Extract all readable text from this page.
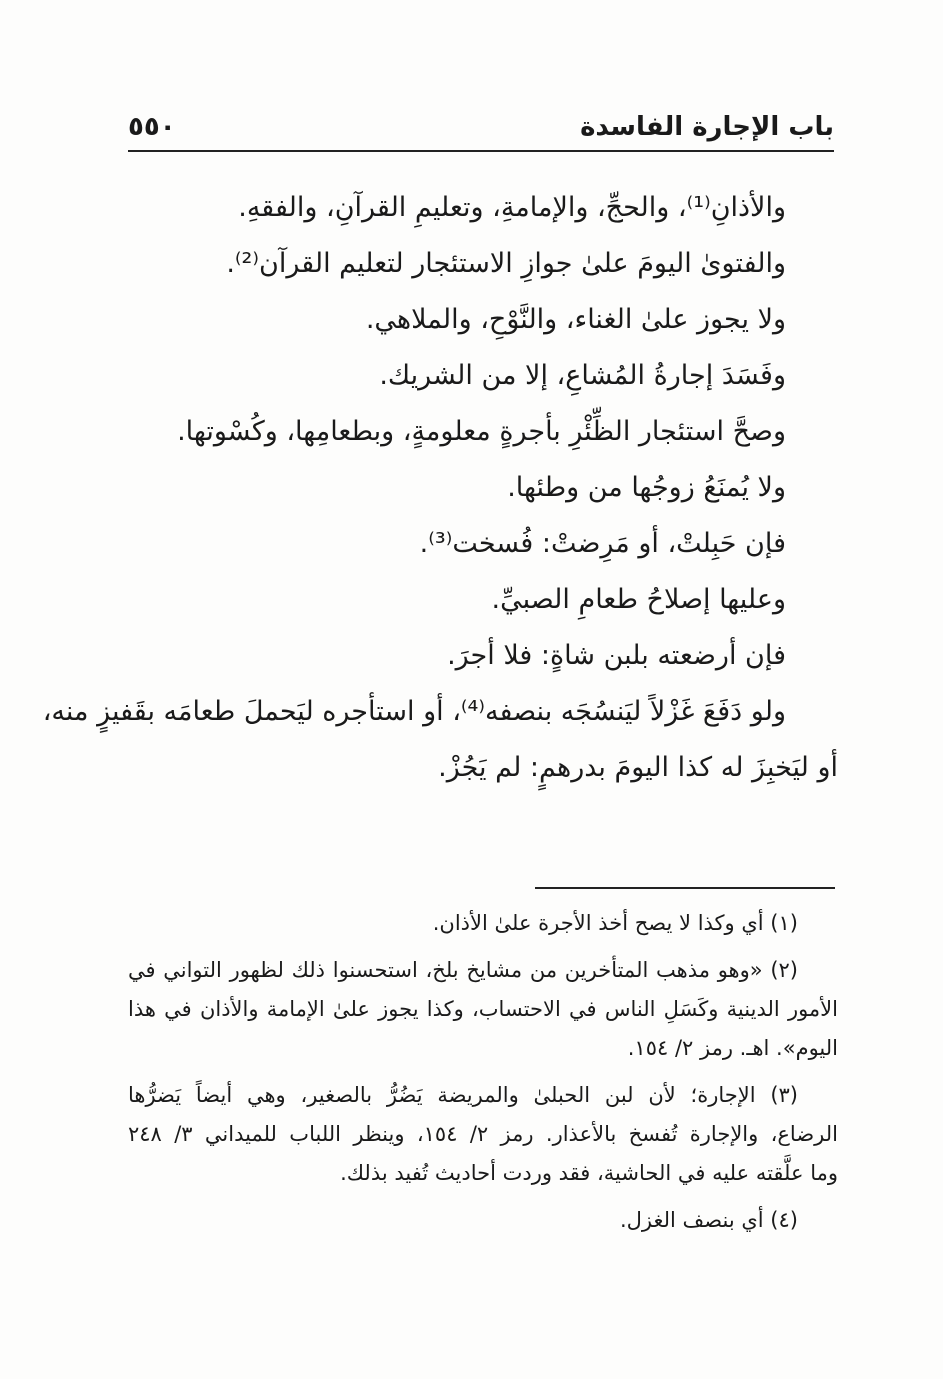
باب الإجارة الفاسدة
٥٥٠
والأذانِ⁽¹⁾، والحجِّ، والإمامةِ، وتعليمِ القرآنِ، والفقهِ.
والفتوىٰ اليومَ علىٰ جوازِ الاستئجار لتعليم القرآن⁽²⁾.
ولا يجوز علىٰ الغناء، والنَّوْحِ، والملاهي.
وفَسَدَ إجارةُ المُشاعِ، إلا من الشريك.
وصحَّ استئجار الظِّئْرِ بأجرةٍ معلومةٍ، وبطعامِها، وكُسْوتها.
ولا يُمنَعُ زوجُها من وطئها.
فإن حَبِلتْ، أو مَرِضتْ: فُسخت⁽³⁾.
وعليها إصلاحُ طعامِ الصبيِّ.
فإن أرضعته بلبن شاةٍ: فلا أجرَ.
ولو دَفَعَ غَزْلاً ليَنسُجَه بنصفه⁽⁴⁾، أو استأجره ليَحملَ طعامَه بقَفيزٍ منه،
أو ليَخبِزَ له كذا اليومَ بدرهمٍ: لم يَجُزْ.
(١) أي وكذا لا يصح أخذ الأجرة علىٰ الأذان.
(٢) «وهو مذهب المتأخرين من مشايخ بلخ، استحسنوا ذلك لظهور التواني في
الأمور الدينية وكَسَلِ الناس في الاحتساب، وكذا يجوز علىٰ الإمامة والأذان في هذا
اليوم». اهـ. رمز ٢/ ١٥٤.
(٣) الإجارة؛ لأن لبن الحبلىٰ والمريضة يَضُرُّ بالصغير، وهي أيضاً يَضرُّها
الرضاع، والإجارة تُفسخ بالأعذار. رمز ٢/ ١٥٤، وينظر اللباب للميداني ٣/ ٢٤٨
وما علَّقته عليه في الحاشية، فقد وردت أحاديث تُفيد بذلك.
(٤) أي بنصف الغزل.
